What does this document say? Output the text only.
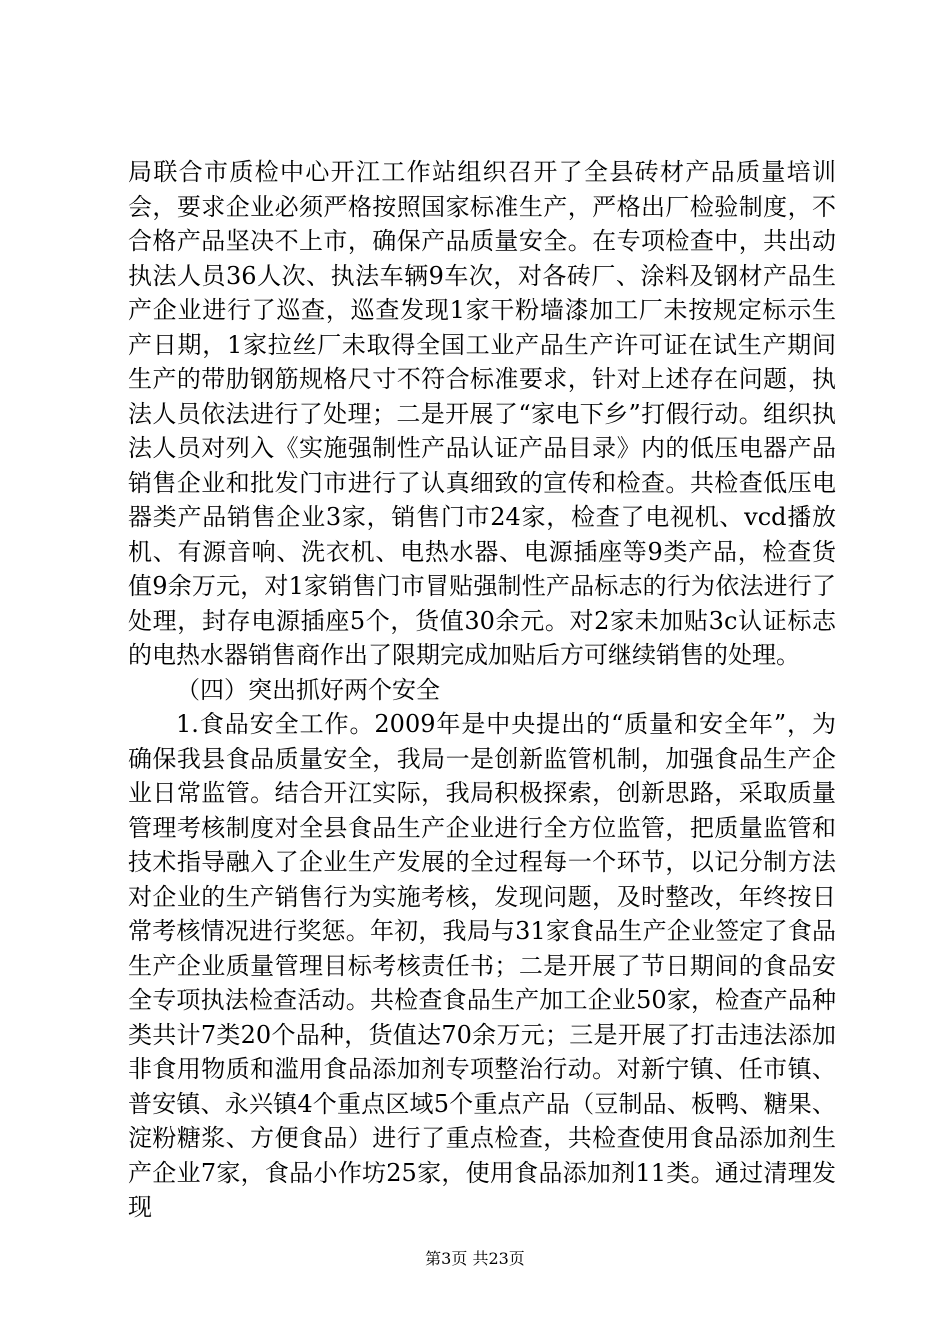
局联合市质检中心开江工作站组织召开了全县砖材产品质量培训会，要求企业必须严格按照国家标准生产，严格出厂检验制度，不合格产品坚决不上市，确保产品质量安全。在专项检查中，共出动执法人员36人次、执法车辆9车次，对各砖厂、涂料及钢材产品生产企业进行了巡查，巡查发现1家干粉墙漆加工厂未按规定标示生产日期，1家拉丝厂未取得全国工业产品生产许可证在试生产期间生产的带肋钢筋规格尺寸不符合标准要求，针对上述存在问题，执法人员依法进行了处理；二是开展了“家电下乡”打假行动。组织执法人员对列入《实施强制性产品认证产品目录》内的低压电器产品销售企业和批发门市进行了认真细致的宣传和检查。共检查低压电器类产品销售企业3家，销售门市24家，检查了电视机、vcd播放机、有源音响、洗衣机、电热水器、电源插座等9类产品，检查货值9余万元，对1家销售门市冒贴强制性产品标志的行为依法进行了处理，封存电源插座5个，货值30余元。对2家未加贴3c认证标志的电热水器销售商作出了限期完成加贴后方可继续销售的处理。

（四）突出抓好两个安全

1.食品安全工作。2009年是中央提出的“质量和安全年”，为确保我县食品质量安全，我局一是创新监管机制，加强食品生产企业日常监管。结合开江实际，我局积极探索，创新思路，采取质量管理考核制度对全县食品生产企业进行全方位监管，把质量监管和技术指导融入了企业生产发展的全过程每一个环节，以记分制方法对企业的生产销售行为实施考核，发现问题，及时整改，年终按日常考核情况进行奖惩。年初，我局与31家食品生产企业签定了食品生产企业质量管理目标考核责任书；二是开展了节日期间的食品安全专项执法检查活动。共检查食品生产加工企业50家，检查产品种类共计7类20个品种，货值达70余万元；三是开展了打击违法添加非食用物质和滥用食品添加剂专项整治行动。对新宁镇、任市镇、普安镇、永兴镇4个重点区域5个重点产品（豆制品、板鸭、糖果、淀粉糖浆、方便食品）进行了重点检查，共检查使用食品添加剂生产企业7家，食品小作坊25家，使用食品添加剂11类。通过清理发现

第3页 共23页
